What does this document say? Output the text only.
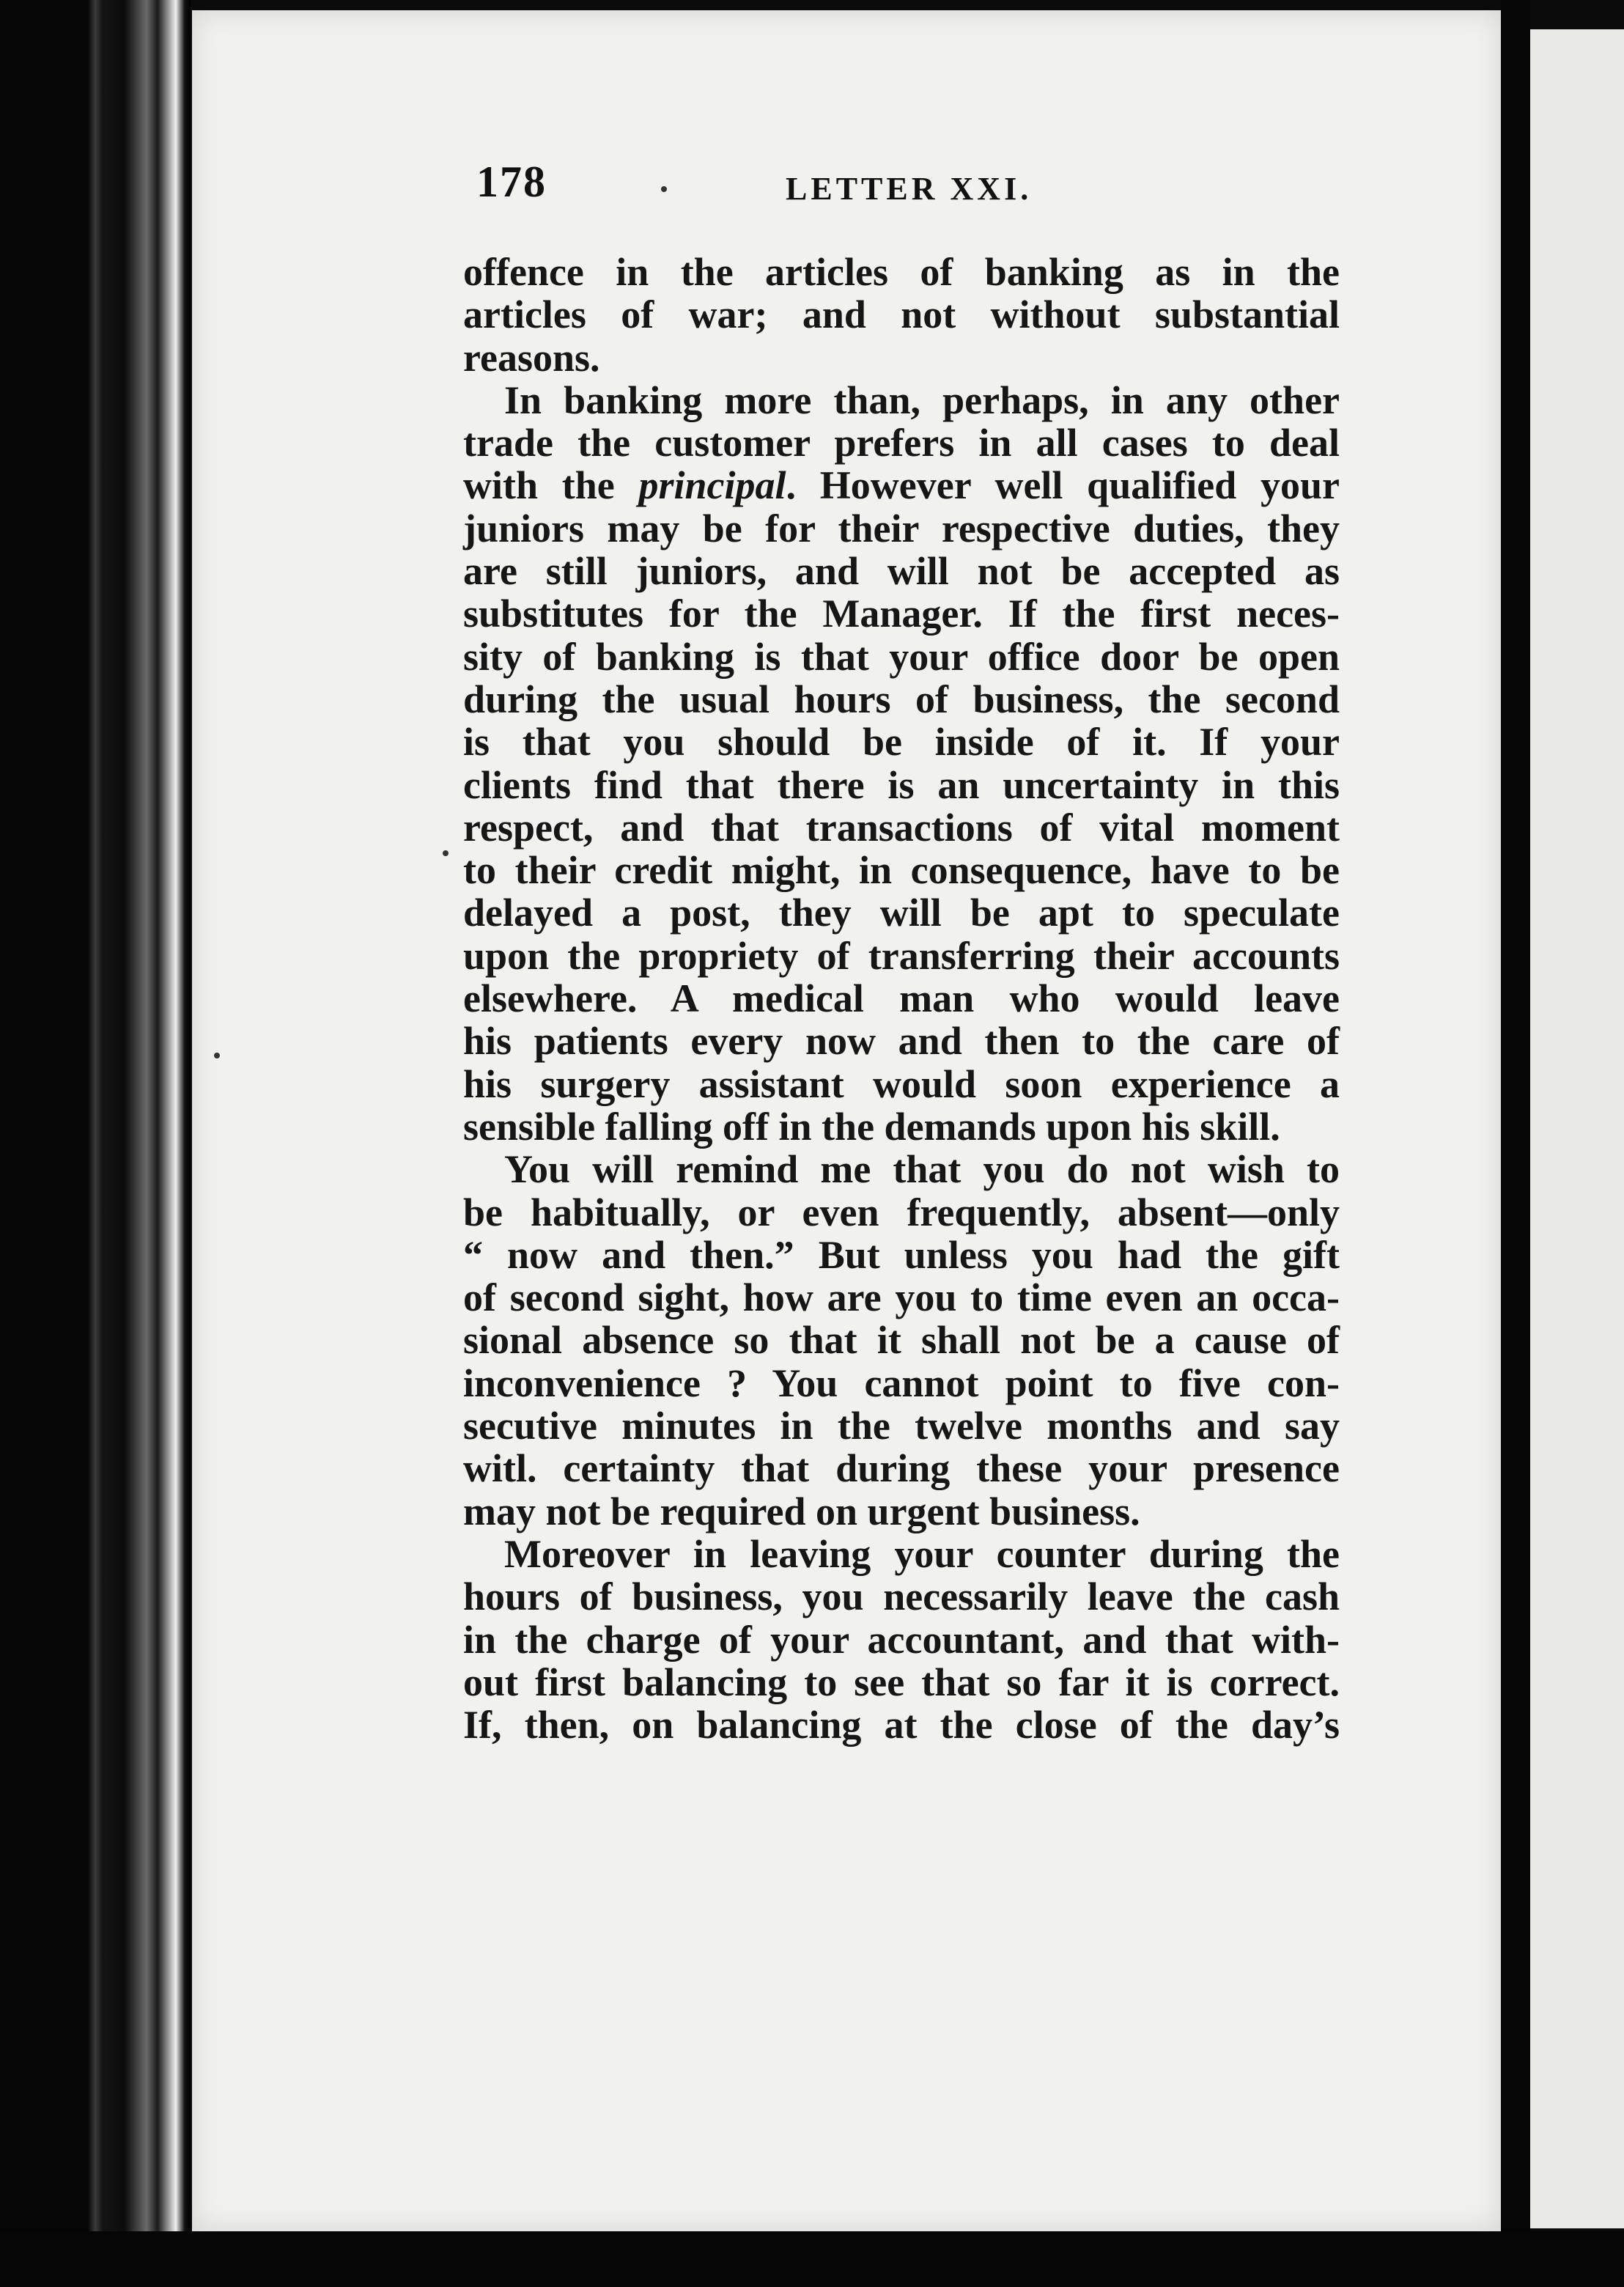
178	LETTER XXI.
offence in the articles of banking as in the
articles of war; and not without substantial
reasons.
In banking more than, perhaps, in any other
trade the customer prefers in all cases to deal
with the principal. However well qualified your
juniors may be for their respective duties, they
are still juniors, and will not be accepted as
substitutes for the Manager. If the first neces-
sity of banking is that your office door be open
during the usual hours of business, the second
is that you should be inside of it. If your
clients find that there is an uncertainty in this
respect, and that transactions of vital moment
to their credit might, in consequence, have to be
delayed a post, they will be apt to speculate
upon the propriety of transferring their accounts
elsewhere. A medical man who would leave
his patients every now and then to the care of
his surgery assistant would soon experience a
sensible falling off in the demands upon his skill.
You will remind me that you do not wish to
be habitually, or even frequently, absent—only
“ now and then.” But unless you had the gift
of second sight, how are you to time even an occa-
sional absence so that it shall not be a cause of
inconvenience ? You cannot point to five con-
secutive minutes in the twelve months and say
witl. certainty that during these your presence
may not be required on urgent business.
Moreover in leaving your counter during the
hours of business, you necessarily leave the cash
in the charge of your accountant, and that with-
out first balancing to see that so far it is correct.
If, then, on balancing at the close of the day’s
